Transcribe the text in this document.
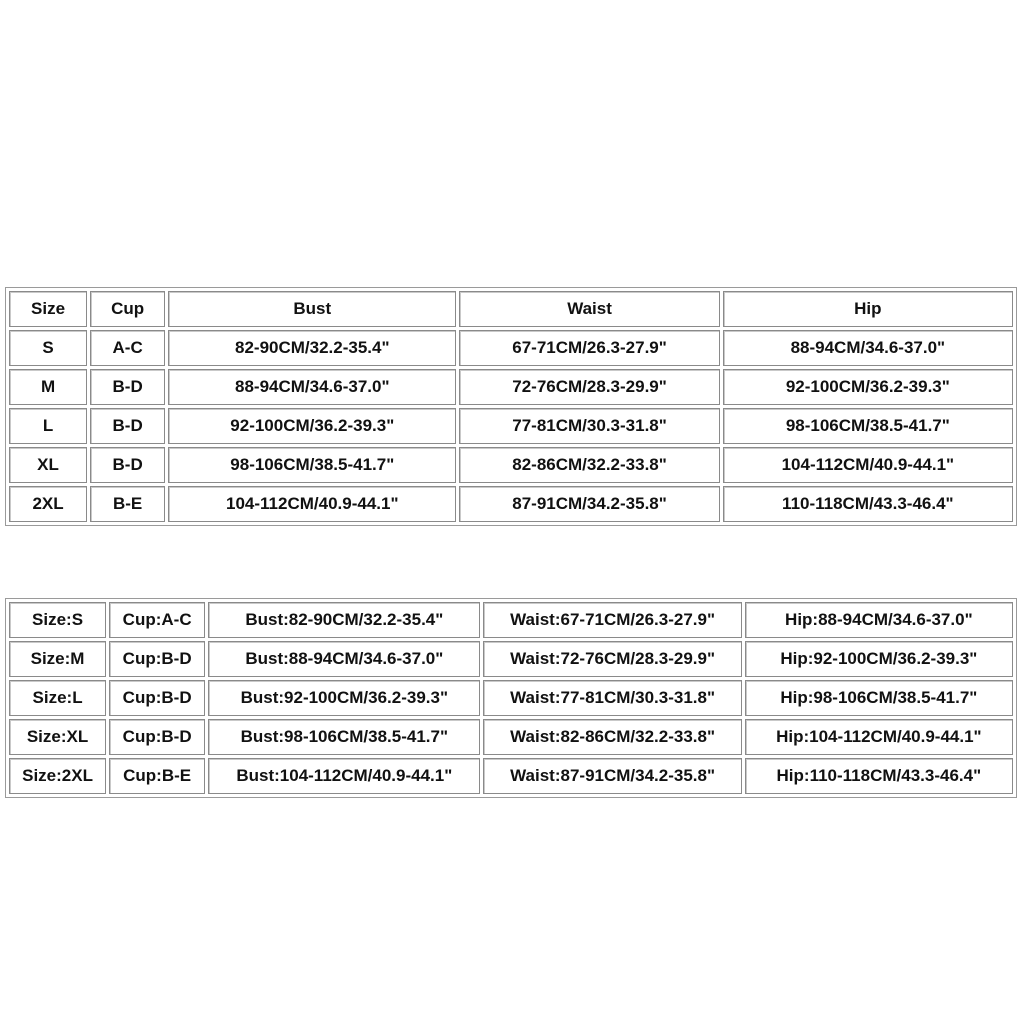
Size	Cup	Bust	Waist	Hip
S	A-C	82-90CM/32.2-35.4"	67-71CM/26.3-27.9"	88-94CM/34.6-37.0"
M	B-D	88-94CM/34.6-37.0"	72-76CM/28.3-29.9"	92-100CM/36.2-39.3"
L	B-D	92-100CM/36.2-39.3"	77-81CM/30.3-31.8"	98-106CM/38.5-41.7"
XL	B-D	98-106CM/38.5-41.7"	82-86CM/32.2-33.8"	104-112CM/40.9-44.1"
2XL	B-E	104-112CM/40.9-44.1"	87-91CM/34.2-35.8"	110-118CM/43.3-46.4"
Size:S	Cup:A-C	Bust:82-90CM/32.2-35.4"	Waist:67-71CM/26.3-27.9"	Hip:88-94CM/34.6-37.0"
Size:M	Cup:B-D	Bust:88-94CM/34.6-37.0"	Waist:72-76CM/28.3-29.9"	Hip:92-100CM/36.2-39.3"
Size:L	Cup:B-D	Bust:92-100CM/36.2-39.3"	Waist:77-81CM/30.3-31.8"	Hip:98-106CM/38.5-41.7"
Size:XL	Cup:B-D	Bust:98-106CM/38.5-41.7"	Waist:82-86CM/32.2-33.8"	Hip:104-112CM/40.9-44.1"
Size:2XL	Cup:B-E	Bust:104-112CM/40.9-44.1"	Waist:87-91CM/34.2-35.8"	Hip:110-118CM/43.3-46.4"
